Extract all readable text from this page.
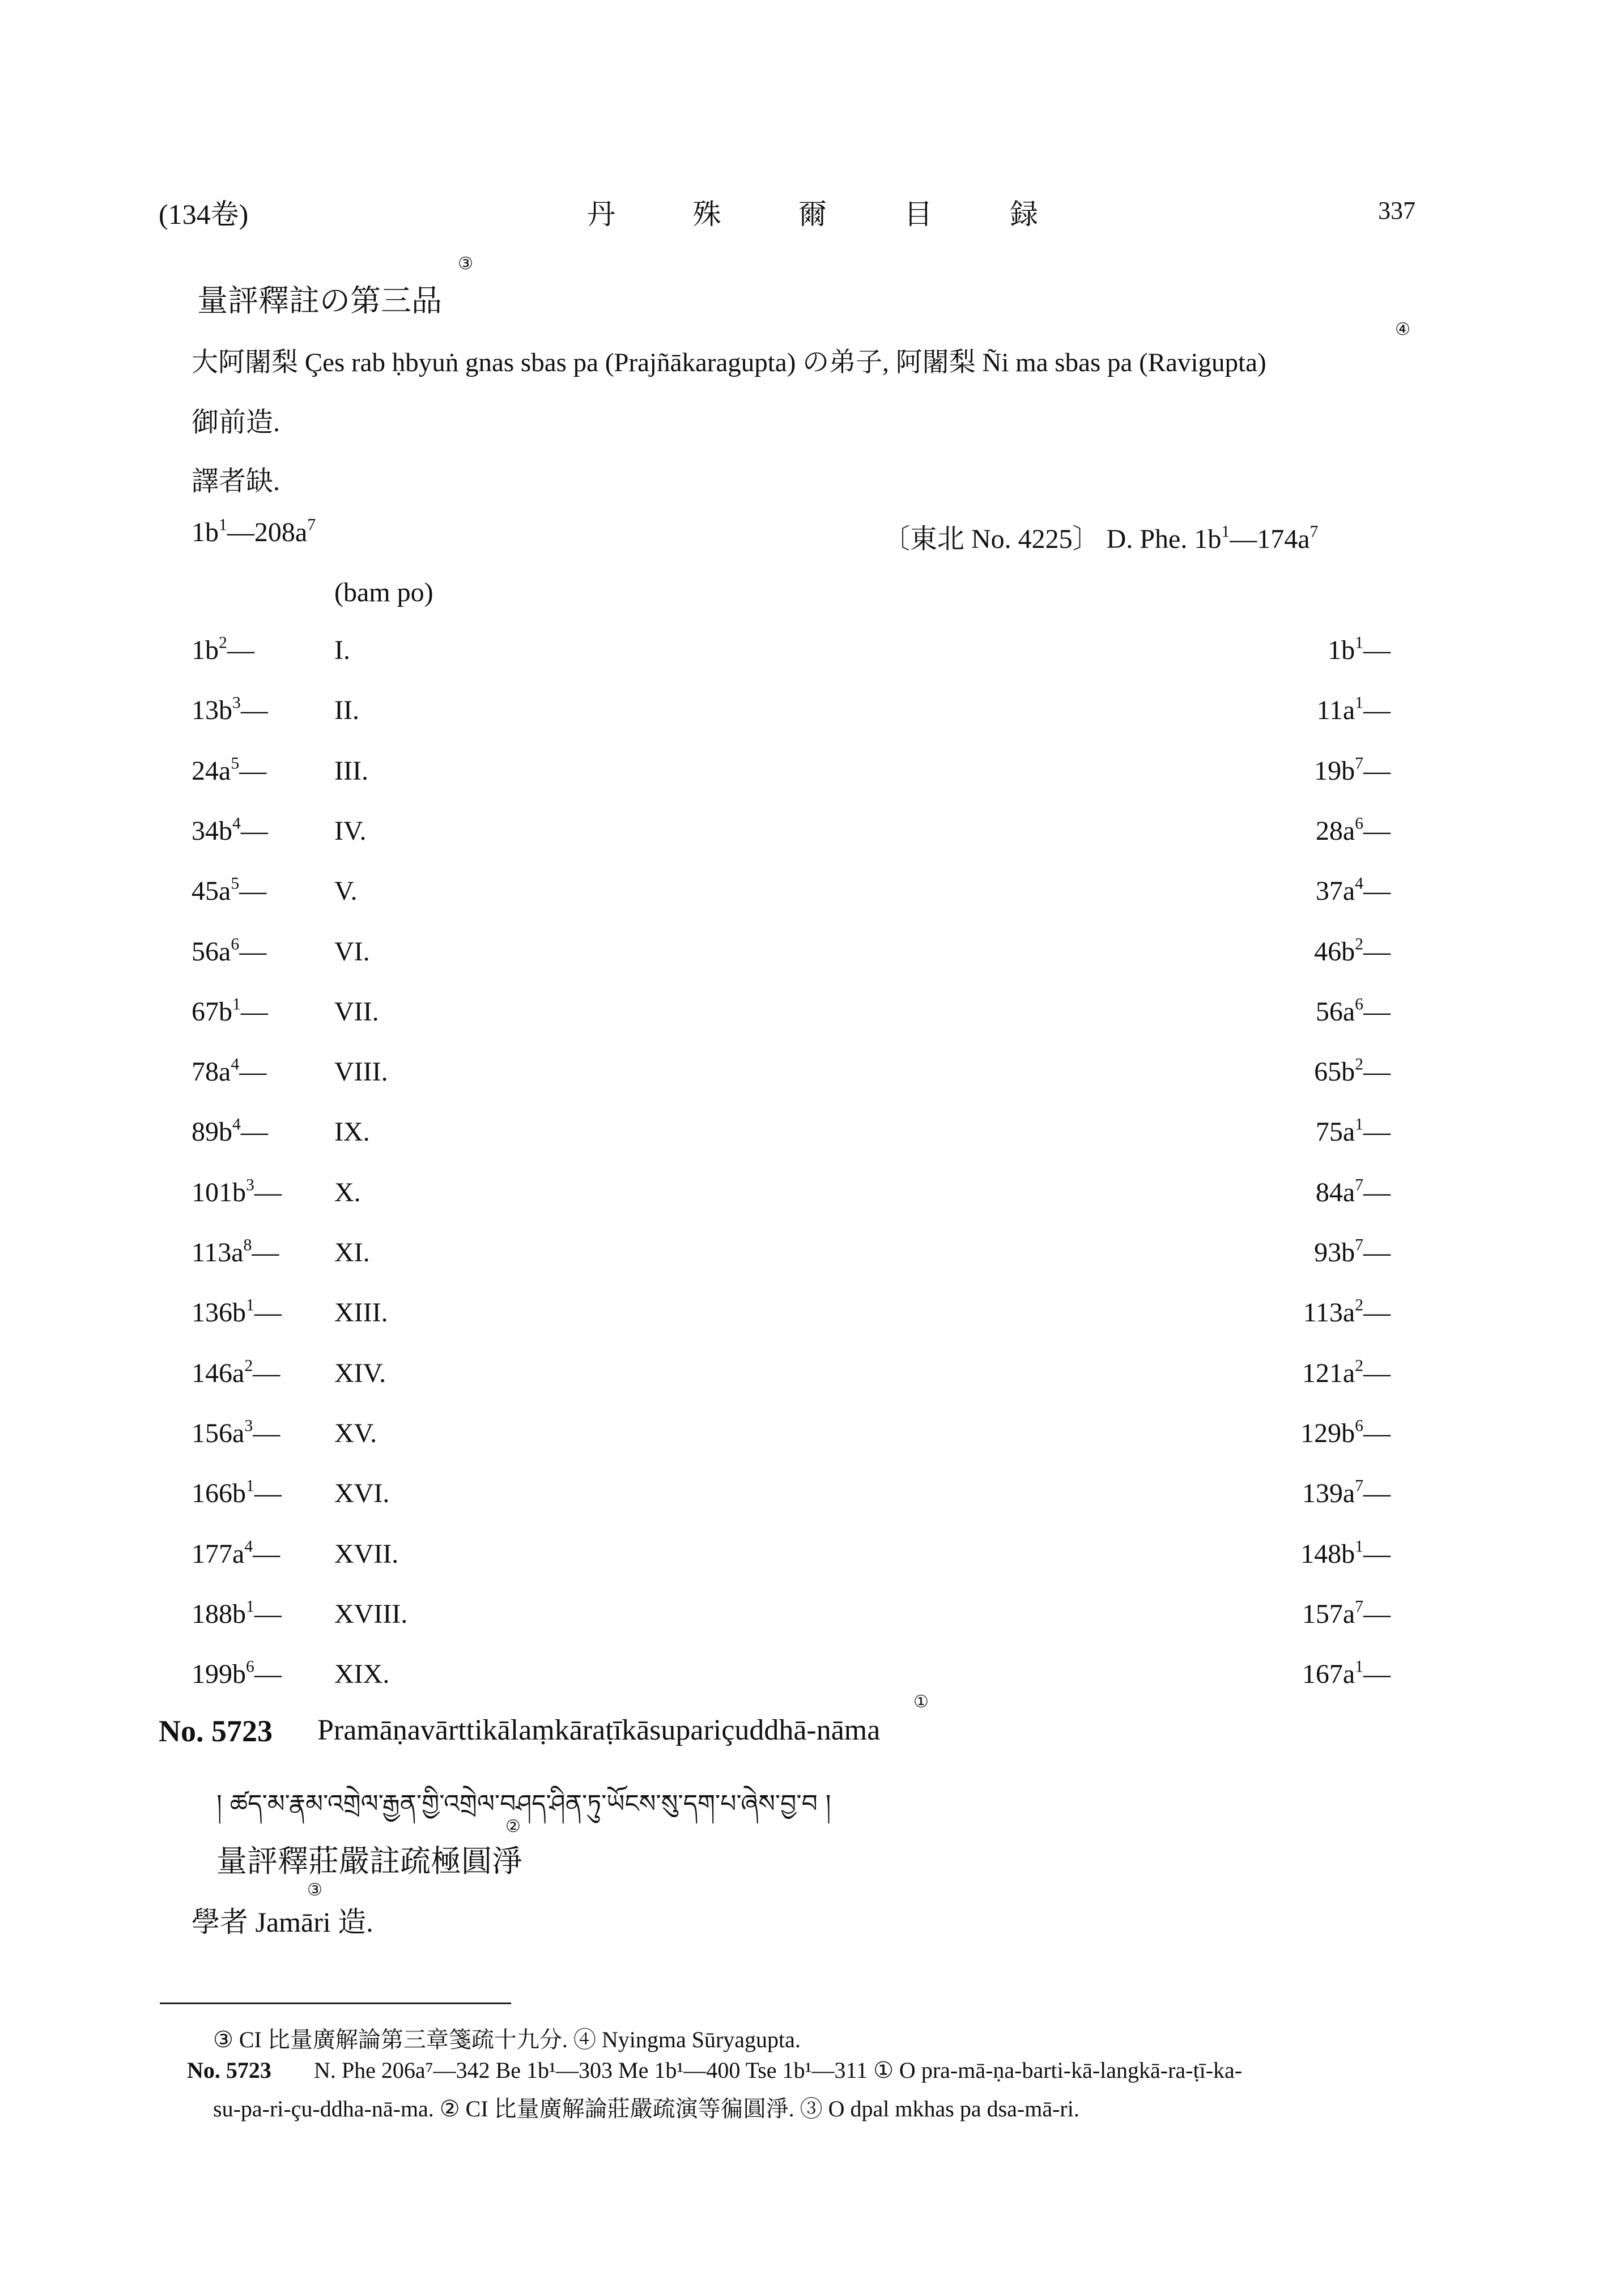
(134卷)	丹 殊 爾 目 録	337
量評釋註の第三品
③
大阿闍梨 Çes rab ḥbyuṅ gnas sbas pa (Prajñākaragupta) の弟子, 阿闍梨 Ñi ma sbas pa (Ravigupta)
④
御前造.
譯者缺.
$1b^1—208a^7$	〔東北 No. 4225〕 D. Phe. $1b^1—174a^7$
(bam po)
$1b^2—$	I.	$1b^1—$
$13b^3—$ II.	$11a^1—$
$24a^5—$ III.	$19b^7—$
$34b^4—$ IV.	$28a^6—$
$45a^5—$ V.	$37a^4—$
$56a^6—$ VI.	$46b^2—$
$67b^1—$ VII.	$56a^6—$
$78a^4—$ VIII.	$65b^2—$
$89b^4—$ IX.	$75a^1—$
$101b^3—$ X.	$84a^7—$
$113a^8—$ XI.	$93b^7—$
$136b^1—$ XIII.	$113a^2—$
$146a^2—$ XIV.	$121a^2—$
$156a^3—$ XV.	$129b^6—$
$166b^1—$ XVI.	$139a^7—$
$177a^4—$ XVII.	$148b^1—$
$188b^1—$ XVIII.	$157a^7—$
$199b^6—$ XIX.	$167a^1—$
No. 5723 Pramāṇavārttikālaṃkāraṭīkāsupariçuddhā-nāma
①
། ཚད་མ་རྣམ་འགྲེལ་རྒྱན་གྱི་འགྲེལ་བཤད་ཤིན་ཏུ་ཡོངས་སུ་དག་པ་ཞེས་བྱ་བ །
量評釋莊嚴註疏極圓淨
②
學者 Jamāri 造.
③
③ CI 比量廣解論第三章箋疏十九分. ④ Nyingma Sūryagupta.
No. 5723 N. Phe 206a⁷—342 Be 1b¹—303 Me 1b¹—400 Tse 1b¹—311 ① O pra-mā-ṇa-barti-kā-langkā-ra-ṭī-ka-
su-pa-ri-çu-ddha-nā-ma. ② CI 比量廣解論莊嚴疏演等徧圓淨. ③ O dpal mkhas pa dsa-mā-ri.
